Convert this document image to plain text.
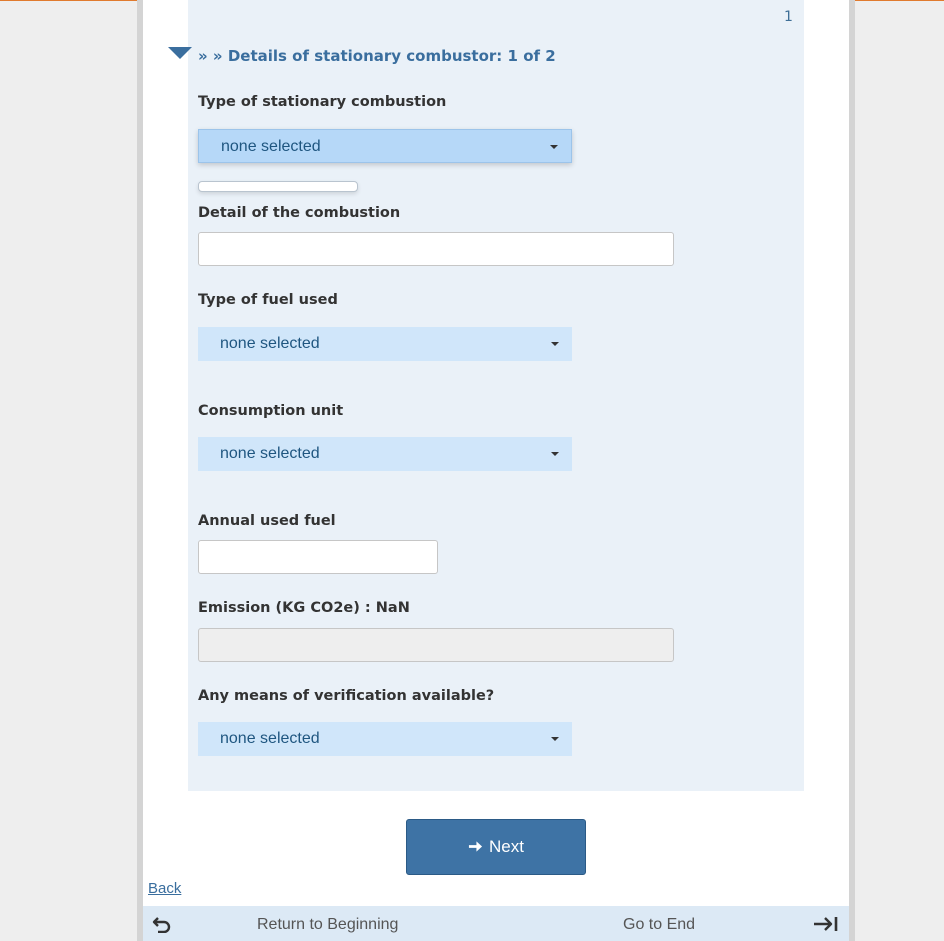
1
» » Details of stationary combustor: 1 of 2
Type of stationary combustion
none selected
Detail of the combustion
Type of fuel used
none selected
Consumption unit
none selected
Annual used fuel
Emission (KG CO2e) : NaN
Any means of verification available?
none selected
Next
Back
Return to Beginning	Go to End
